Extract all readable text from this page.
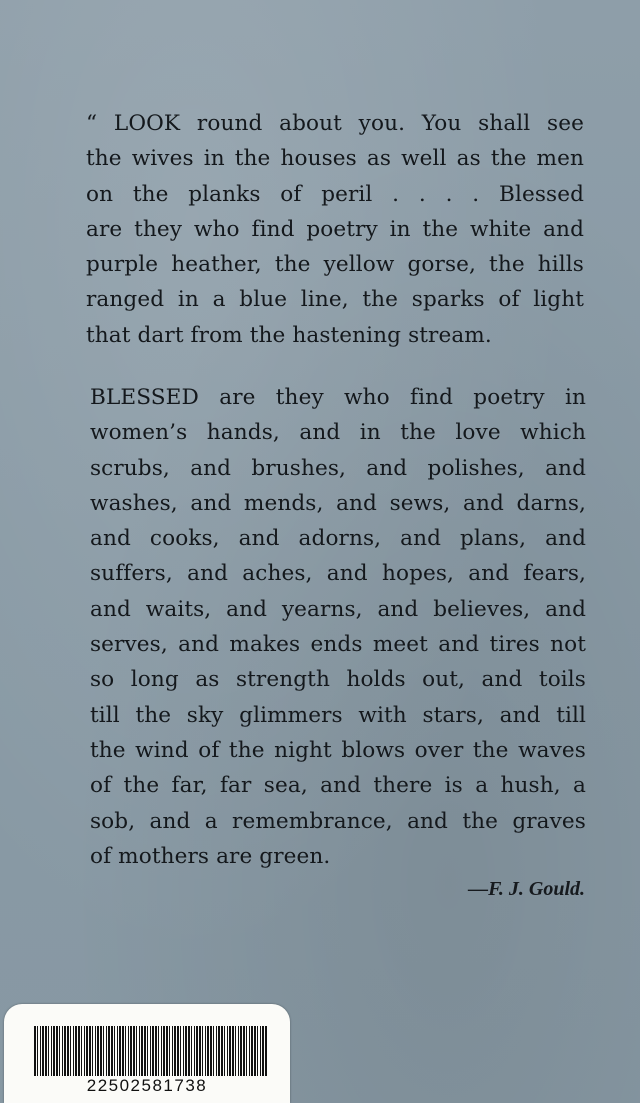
“ LOOK round about you. You shall see
the wives in the houses as well as the men
on the planks of peril . . . . Blessed
are they who find poetry in the white and
purple heather, the yellow gorse, the hills
ranged in a blue line, the sparks of light
that dart from the hastening stream.
BLESSED are they who find poetry in
women’s hands, and in the love which
scrubs, and brushes, and polishes, and
washes, and mends, and sews, and darns,
and cooks, and adorns, and plans, and
suffers, and aches, and hopes, and fears,
and waits, and yearns, and believes, and
serves, and makes ends meet and tires not
so long as strength holds out, and toils
till the sky glimmers with stars, and till
the wind of the night blows over the waves
of the far, far sea, and there is a hush, a
sob, and a remembrance, and the graves
of mothers are green.

—F. J. Gould.

22502581738
